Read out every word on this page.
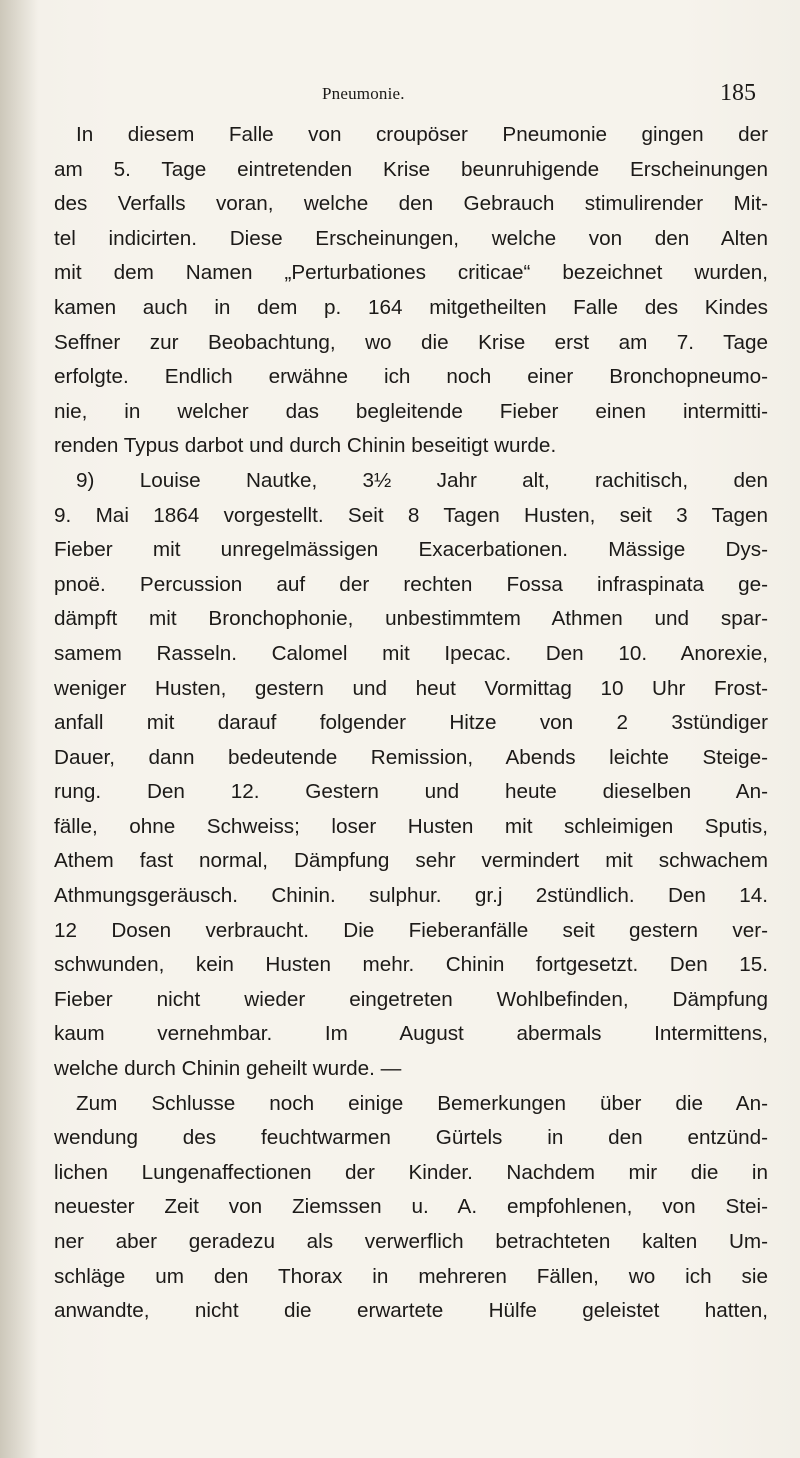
Pneumonie.	185
In diesem Falle von croupöser Pneumonie gingen der
am 5. Tage eintretenden Krise beunruhigende Erscheinungen
des Verfalls voran, welche den Gebrauch stimulirender Mit-
tel indicirten. Diese Erscheinungen, welche von den Alten
mit dem Namen „Perturbationes criticae“ bezeichnet wurden,
kamen auch in dem p. 164 mitgetheilten Falle des Kindes
Seffner zur Beobachtung, wo die Krise erst am 7. Tage
erfolgte. Endlich erwähne ich noch einer Bronchopneumo-
nie, in welcher das begleitende Fieber einen intermitti-
renden Typus darbot und durch Chinin beseitigt wurde.
9) Louise Nautke, 3½ Jahr alt, rachitisch, den
9. Mai 1864 vorgestellt. Seit 8 Tagen Husten, seit 3 Tagen
Fieber mit unregelmässigen Exacerbationen. Mässige Dys-
pnoë. Percussion auf der rechten Fossa infraspinata ge-
dämpft mit Bronchophonie, unbestimmtem Athmen und spar-
samem Rasseln. Calomel mit Ipecac. Den 10. Anorexie,
weniger Husten, gestern und heut Vormittag 10 Uhr Frost-
anfall mit darauf folgender Hitze von 2 3stündiger
Dauer, dann bedeutende Remission, Abends leichte Steige-
rung. Den 12. Gestern und heute dieselben An-
fälle, ohne Schweiss; loser Husten mit schleimigen Sputis,
Athem fast normal, Dämpfung sehr vermindert mit schwachem
Athmungsgeräusch. Chinin. sulphur. gr.j 2stündlich. Den 14.
12 Dosen verbraucht. Die Fieberanfälle seit gestern ver-
schwunden, kein Husten mehr. Chinin fortgesetzt. Den 15.
Fieber nicht wieder eingetreten Wohlbefinden, Dämpfung
kaum vernehmbar. Im August abermals Intermittens,
welche durch Chinin geheilt wurde. —
Zum Schlusse noch einige Bemerkungen über die An-
wendung des feuchtwarmen Gürtels in den entzünd-
lichen Lungenaffectionen der Kinder. Nachdem mir die in
neuester Zeit von Ziemssen u. A. empfohlenen, von Stei-
ner aber geradezu als verwerflich betrachteten kalten Um-
schläge um den Thorax in mehreren Fällen, wo ich sie
anwandte, nicht die erwartete Hülfe geleistet hatten,
